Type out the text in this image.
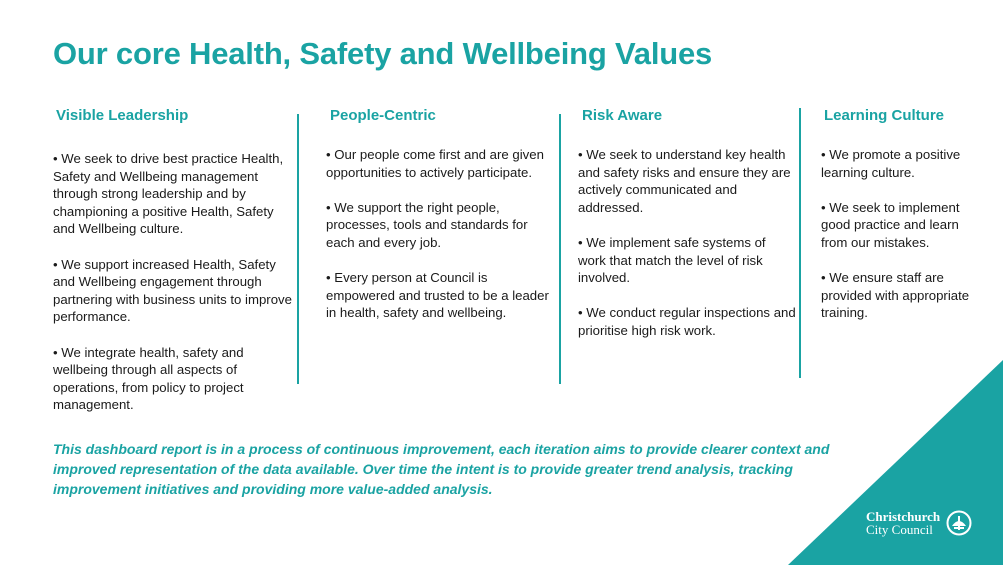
Our core Health, Safety and Wellbeing Values
Visible Leadership
• We seek to drive best practice Health, Safety and Wellbeing management through strong leadership and by championing a positive Health, Safety and Wellbeing culture.
• We support increased Health, Safety and Wellbeing engagement through partnering with business units to improve performance.
• We integrate health, safety and wellbeing through all aspects of operations, from policy to project management.
People-Centric
• Our people come first and are given opportunities to actively participate.
• We support the right people, processes, tools and standards for each and every job.
• Every person at Council is empowered and trusted to be a leader in health, safety and wellbeing.
Risk Aware
• We seek to understand key health and safety risks and ensure they are actively communicated and addressed.
• We implement safe systems of work that match the level of risk involved.
• We conduct regular inspections and prioritise high risk work.
Learning Culture
• We promote a positive learning culture.
• We seek to implement good practice and learn from our mistakes.
• We ensure staff are provided with appropriate training.
This dashboard report is in a process of continuous improvement, each iteration aims to provide clearer context and improved representation of the data available. Over time the intent is to provide greater trend analysis, tracking improvement initiatives and providing more value-added analysis.
Christchurch
City Council
